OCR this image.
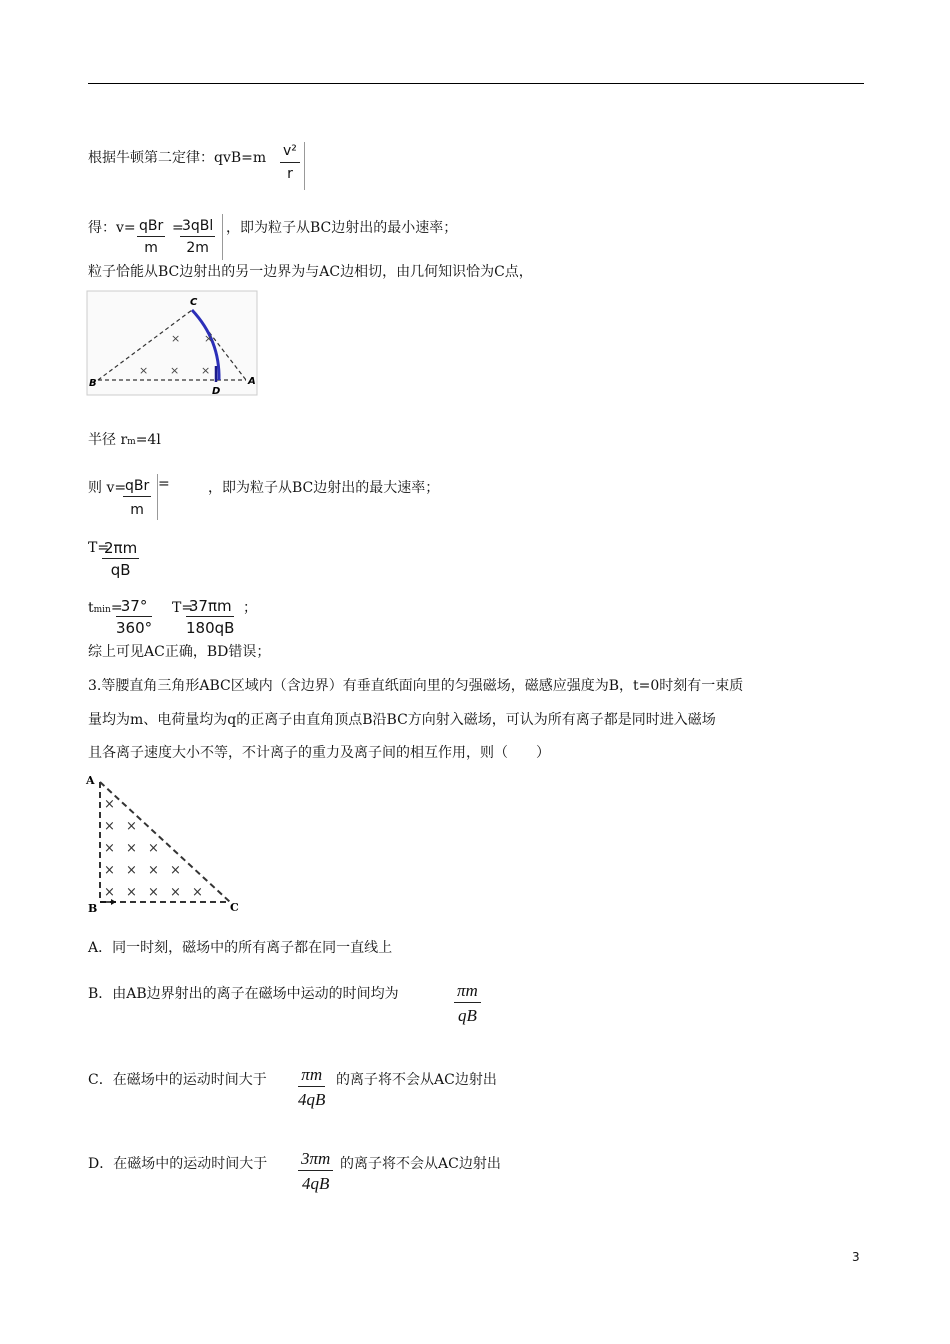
根据牛顿第二定律：$qvB=m \frac{\text{v²}}{r}$
得：v= qBr
m
=
3qBl
2m
，即为粒子从BC边射出的最小速率；
粒子恰能从BC边射出的另一边界为与AC边相切，由几何知识恰为C点，
C
B	A
D
× ×
× × ×
半径 rm=4l
则 v=
qBr
m
=	，即为粒子从BC边射出的最大速率；
T=
$\frac{2\pi m}{qB}$
tmin=
$\frac{37^\circ}{360^\circ} T=$
$\frac{37\pi m}{180qB}$ ；
综上可见AC正确，BD错误；
3.等腰直角三角形ABC区域内（含边界）有垂直纸面向里的匀强磁场，磁感应强度为B，t=0时刻有一束质
量均为m、电荷量均为q的正离子由直角顶点B沿BC方向射入磁场，可认为所有离子都是同时进入磁场
且各离子速度大小不等，不计离子的重力及离子间的相互作用，则（　　）
A
B	C
×
× ×
× × ×
× × × ×
× × × × ×
A．同一时刻，磁场中的所有离子都在同一直线上
B．由AB边界射出的离子在磁场中运动的时间均为	$\frac{\pi m}{qB}$
C．在磁场中的运动时间大于 $\frac{\pi m}{4qB}$ 的离子将不会从AC边射出
D．在磁场中的运动时间大于 $\frac{3\pi m}{4qB}$ 的离子将不会从AC边射出
3
